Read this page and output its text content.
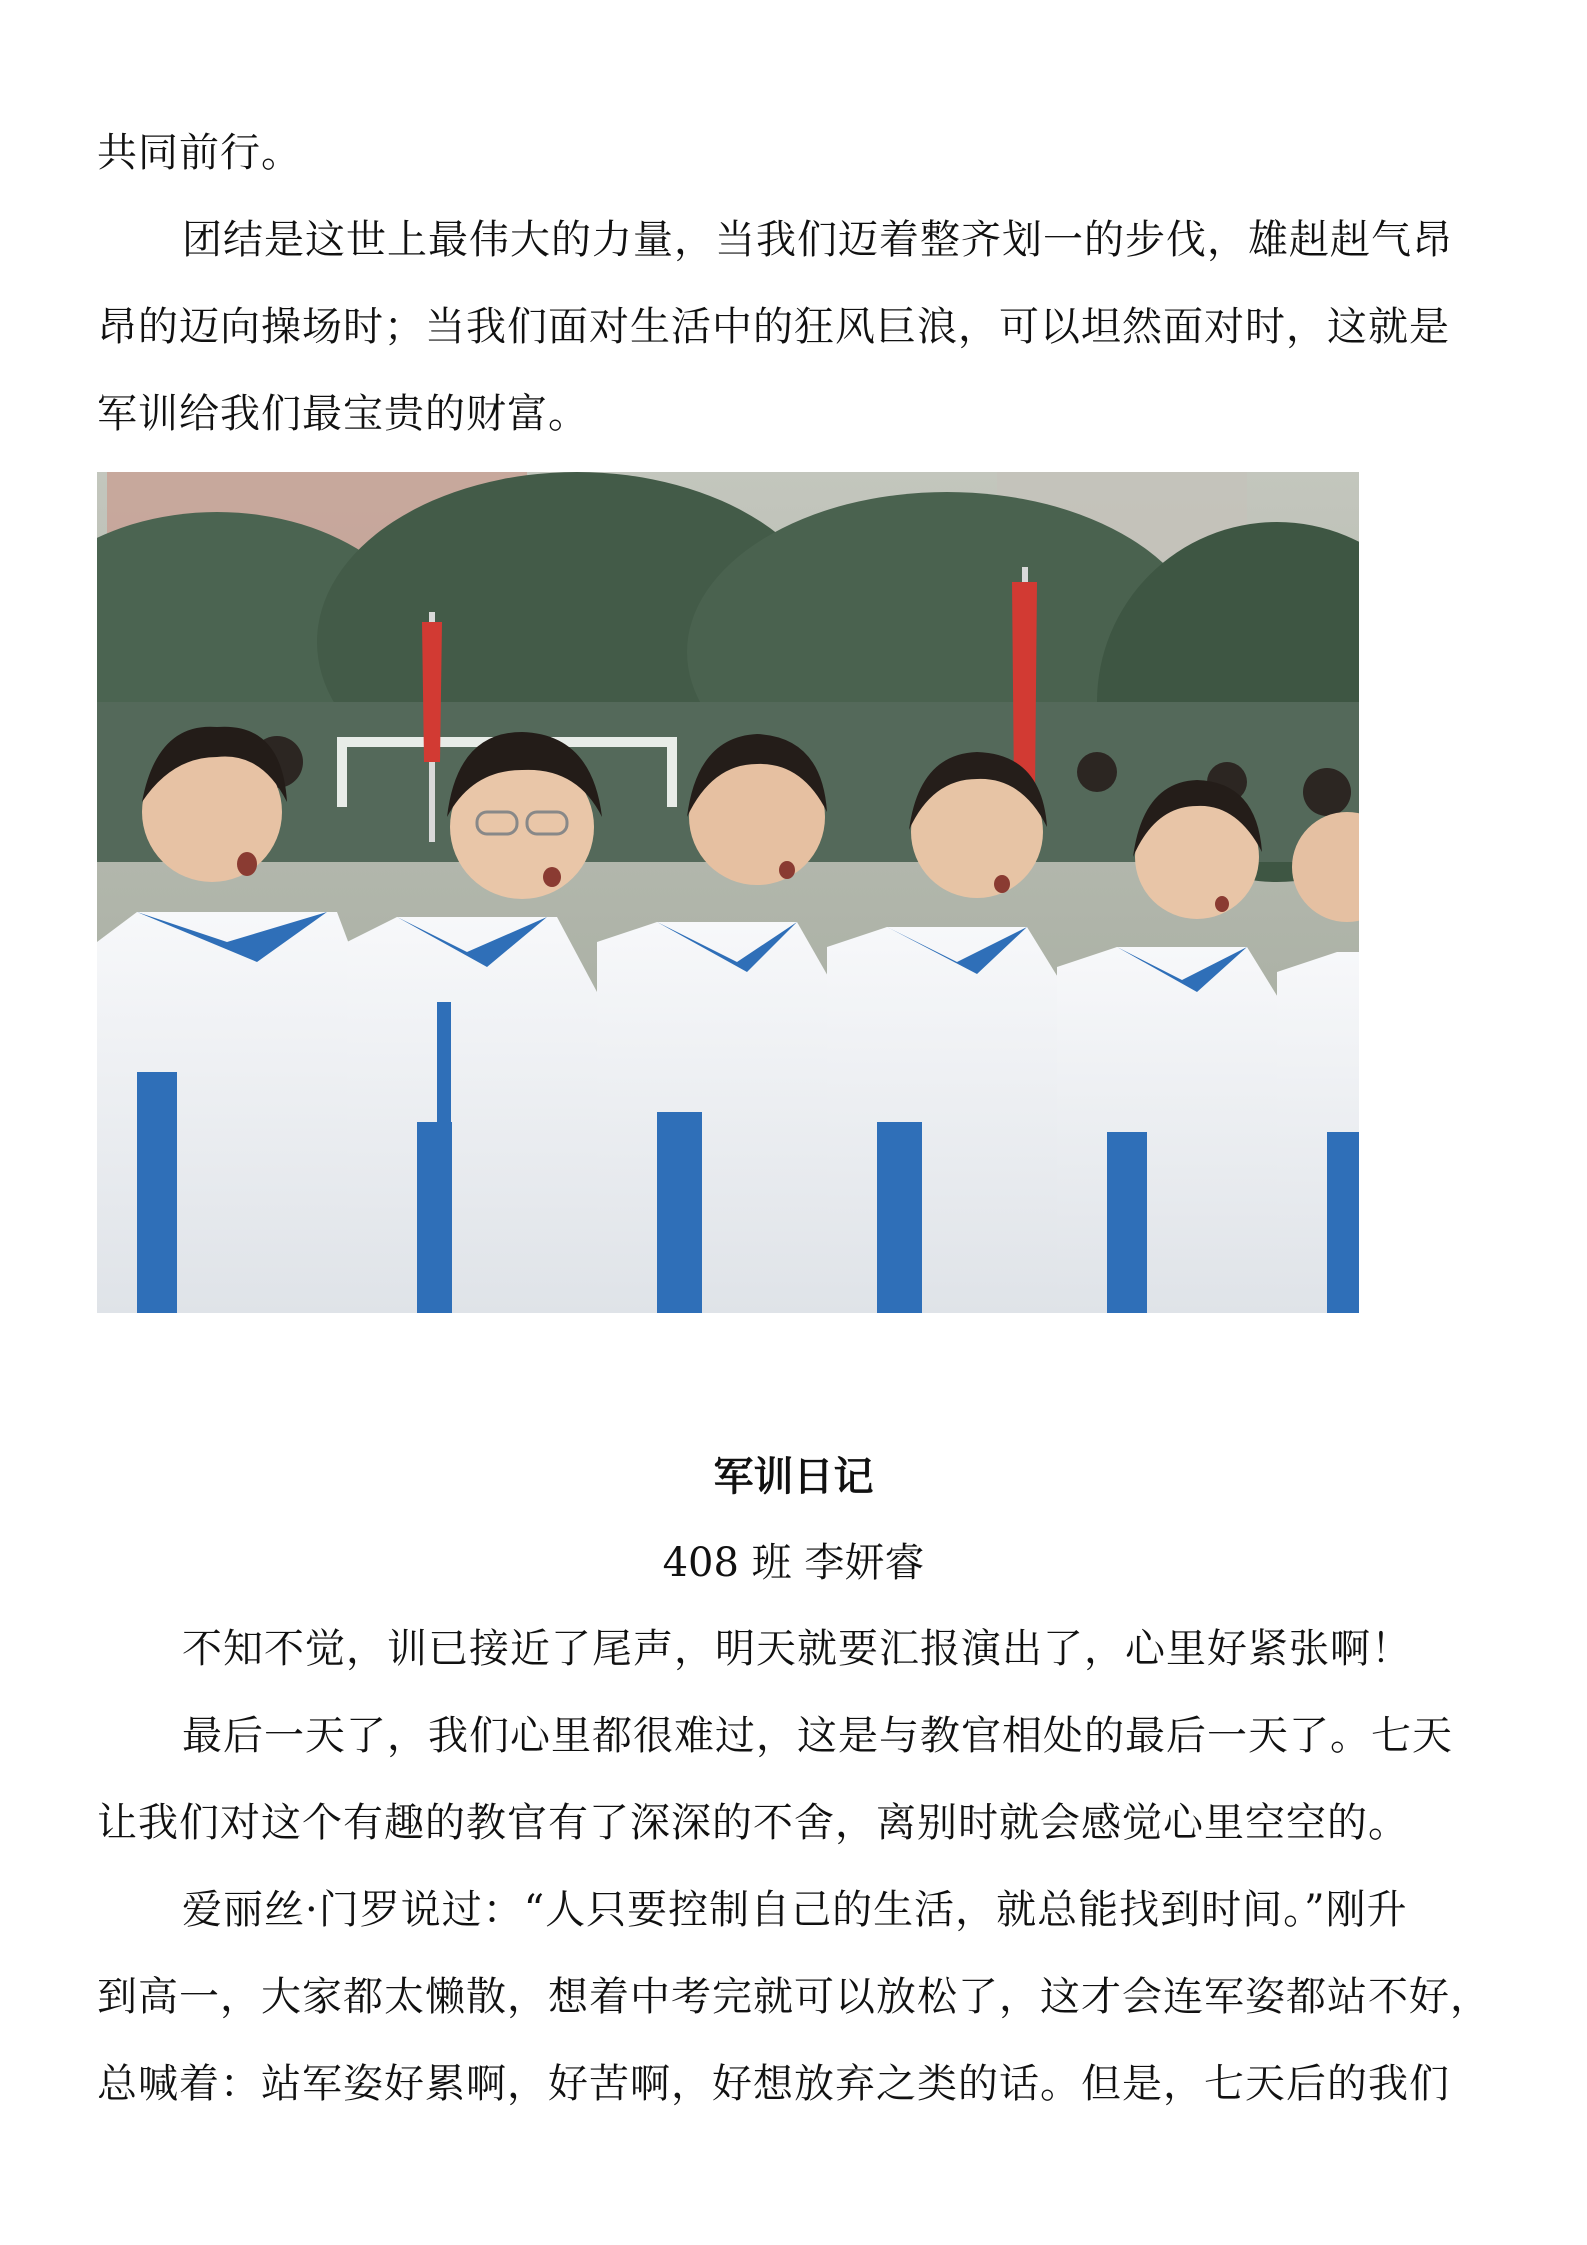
共同前行。
团结是这世上最伟大的力量，当我们迈着整齐划一的步伐，雄赳赳气昂
昂的迈向操场时；当我们面对生活中的狂风巨浪，可以坦然面对时，这就是
军训给我们最宝贵的财富。
军训日记
408 班 李妍睿
不知不觉，训已接近了尾声，明天就要汇报演出了，心里好紧张啊！
最后一天了，我们心里都很难过，这是与教官相处的最后一天了。七天
让我们对这个有趣的教官有了深深的不舍，离别时就会感觉心里空空的。
爱丽丝·门罗说过：“人只要控制自己的生活，就总能找到时间。”刚升
到高一，大家都太懒散，想着中考完就可以放松了，这才会连军姿都站不好，
总喊着：站军姿好累啊，好苦啊，好想放弃之类的话。但是，七天后的我们
